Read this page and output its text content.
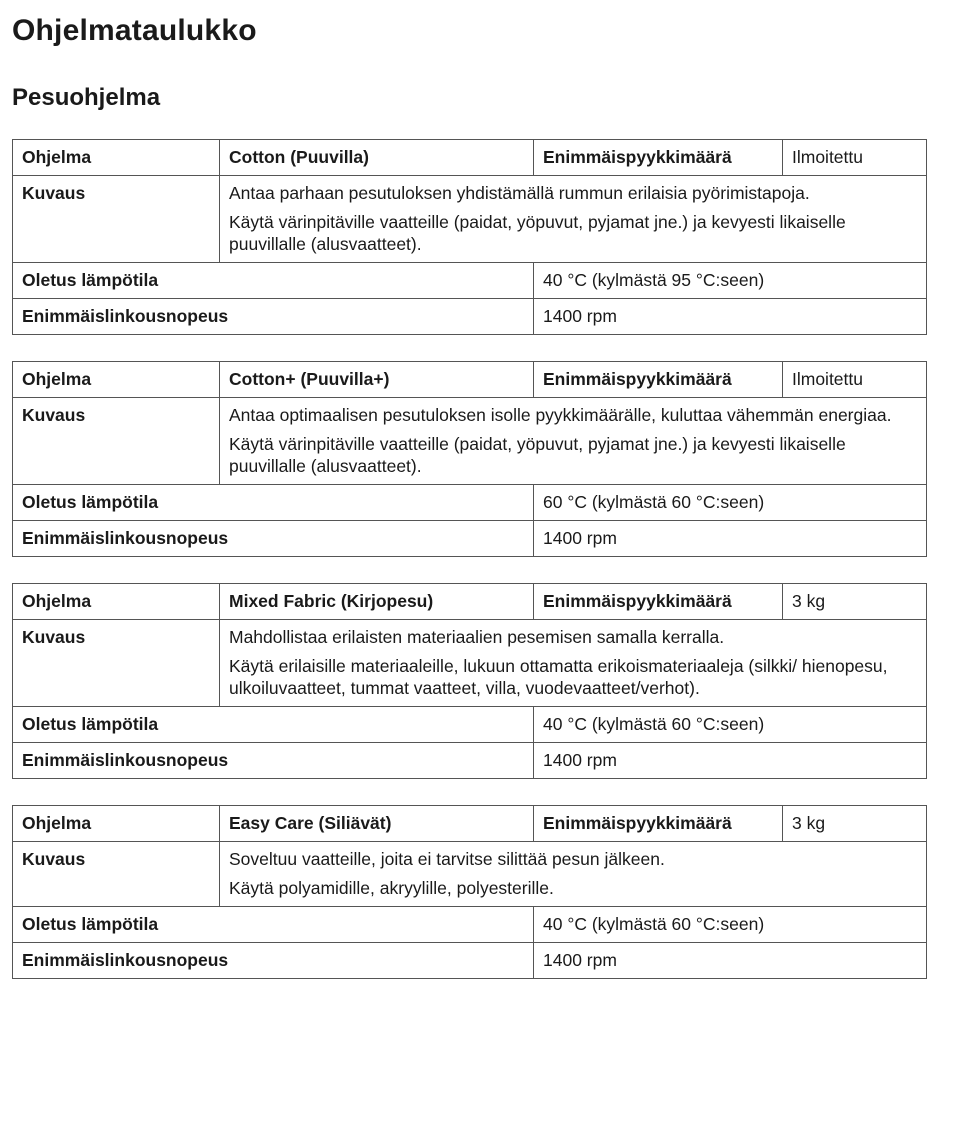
Ohjelmataulukko
Pesuohjelma
Ohjelma	Cotton (Puuvilla)	Enimmäispyykkimäärä	Ilmoitettu
Kuvaus	Antaa parhaan pesutuloksen yhdistämällä rummun erilaisia pyörimistapoja.

Käytä värinpitäville vaatteille (paidat, yöpuvut, pyjamat jne.) ja kevyesti likaiselle puuvillalle (alusvaatteet).		

Oletus lämpötila		40 °C (kylmästä 95 °C:seen)	
Enimmäislinkousnopeus		1400 rpm	
Ohjelma	Cotton+ (Puuvilla+)	Enimmäispyykkimäärä	Ilmoitettu
Kuvaus	Antaa optimaalisen pesutuloksen isolle pyykkimäärälle, kuluttaa vähemmän energiaa.

Käytä värinpitäville vaatteille (paidat, yöpuvut, pyjamat jne.) ja kevyesti likaiselle puuvillalle (alusvaatteet).		

Oletus lämpötila		60 °C (kylmästä 60 °C:seen)	
Enimmäislinkousnopeus		1400 rpm	
Ohjelma	Mixed Fabric (Kirjopesu)	Enimmäispyykkimäärä	3 kg
Kuvaus	Mahdollistaa erilaisten materiaalien pesemisen samalla kerralla.

Käytä erilaisille materiaaleille, lukuun ottamatta erikoismateriaaleja (silkki/ hienopesu, ulkoiluvaatteet, tummat vaatteet, villa, vuodevaatteet/verhot).		

Oletus lämpötila		40 °C (kylmästä 60 °C:seen)	
Enimmäislinkousnopeus		1400 rpm	
Ohjelma	Easy Care (Siliävät)	Enimmäispyykkimäärä	3 kg
Kuvaus	Soveltuu vaatteille, joita ei tarvitse silittää pesun jälkeen.

Käytä polyamidille, akryylille, polyesterille.		

Oletus lämpötila		40 °C (kylmästä 60 °C:seen)	
Enimmäislinkousnopeus		1400 rpm	
